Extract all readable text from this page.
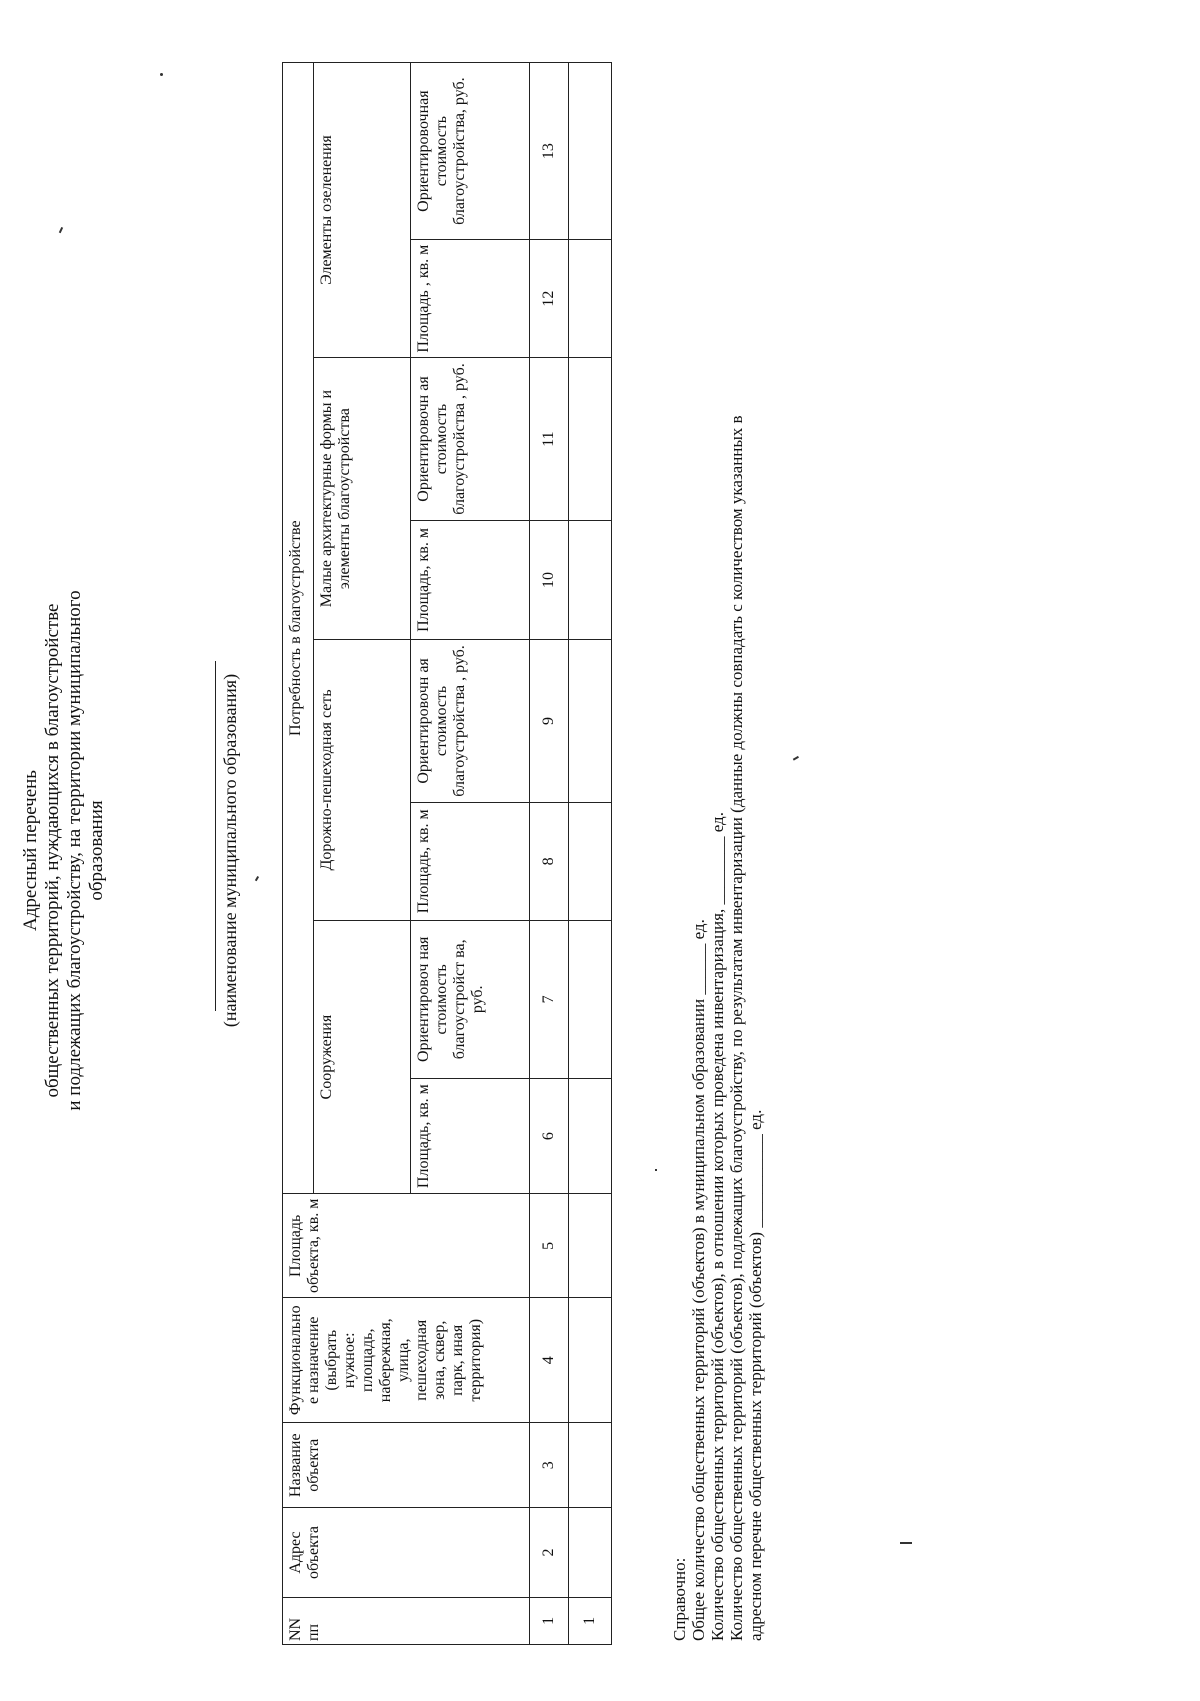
Адресный перечень общественных территорий, нуждающихся в благоустройстве и подлежащих благоустройству, на территории муниципального образования	(наименование муниципального образования)
NN пп	Адрес объекта	Название объекта	Функционально е назначение (выбрать нужное: площадь, набережная, улица, пешеходная зона, сквер, парк, иная территория)	Площадь объекта, кв. м	Потребность в благоустройстве							
					Сооружения		Дорожно-пешеходная сеть		Малые архитектурные формы и элементы благоустройства		Элементы озеленения	
					Площадь, кв. м	Ориентировоч ная стоимость благоустройст ва, руб.	Площадь, кв. м	Ориентировочн ая стоимость благоустройства , руб.	Площадь, кв. м	Ориентировочн ая стоимость благоустройства , руб.	Площадь , кв. м	Ориентировочная стоимость благоустройства, руб.
1	2	3	4	5	6	7	8	9	10	11	12	13
1													Справочно: Общее количество общественных территорий (объектов) в муниципальном образовании ______ ед. Количество общественных территорий (объектов), в отношении которых проведена инвентаризация, ________ ед. Количество общественных территорий (объектов), подлежащих благоустройству, по результатам инвентаризации (данные должны совпадать с количеством указанных в адресном перечне общественных территорий (объектов) ___________ ед.
